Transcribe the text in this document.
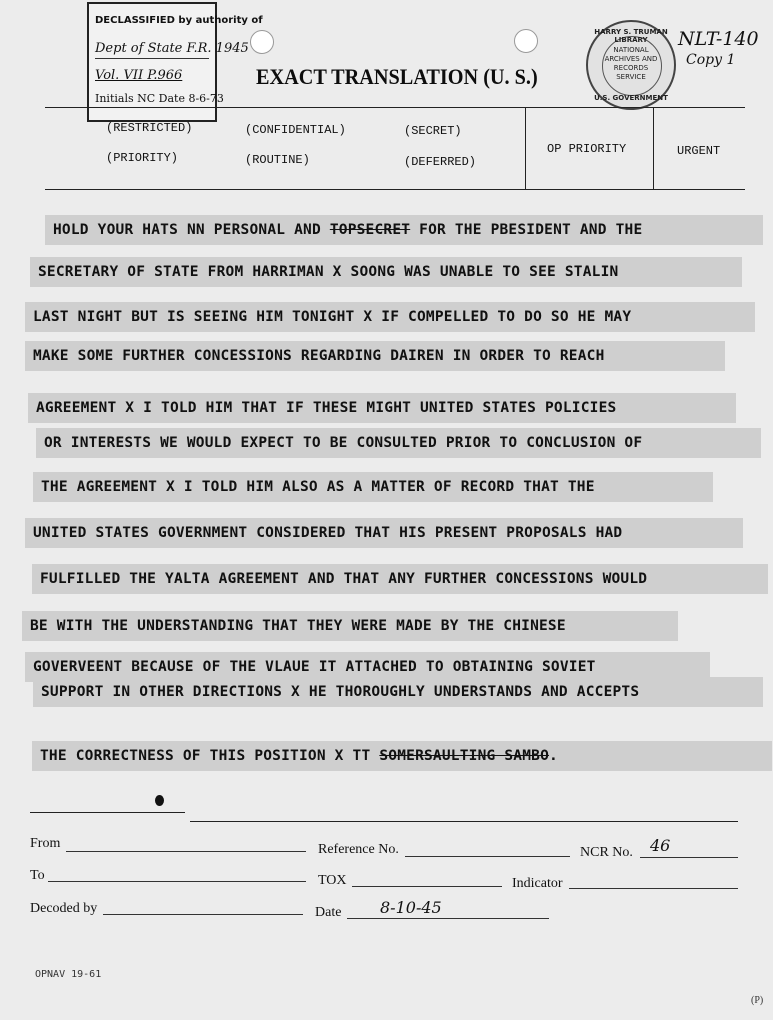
DECLASSIFIED by authority of
Dept of State F.R. 1945
Vol. VII P.966
Initials NC Date 8-6-73
EXACT TRANSLATION (U. S.)
HARRY S. TRUMAN LIBRARY
NATIONAL ARCHIVES AND RECORDS SERVICE
U.S. GOVERNMENT
NLT-140
Copy 1
(RESTRICTED)	(CONFIDENTIAL)	(SECRET)
(PRIORITY)	(ROUTINE)	(DEFERRED)
OP PRIORITY	URGENT
HOLD YOUR HATS NN PERSONAL AND TOPSECRET FOR THE PBESIDENT AND THE
SECRETARY OF STATE FROM HARRIMAN X SOONG WAS UNABLE TO SEE STALIN
LAST NIGHT BUT IS SEEING HIM TONIGHT X IF COMPELLED TO DO SO HE MAY
MAKE SOME FURTHER CONCESSIONS REGARDING DAIREN IN ORDER TO REACH
AGREEMENT X I TOLD HIM THAT IF THESE MIGHT UNITED STATES POLICIES
OR INTERESTS WE WOULD EXPECT TO BE CONSULTED PRIOR TO CONCLUSION OF
THE AGREEMENT X I TOLD HIM ALSO AS A MATTER OF RECORD THAT THE
UNITED STATES GOVERNMENT CONSIDERED THAT HIS PRESENT PROPOSALS HAD
FULFILLED THE YALTA AGREEMENT AND THAT ANY FURTHER CONCESSIONS WOULD
BE WITH THE UNDERSTANDING THAT THEY WERE MADE BY THE CHINESE
GOVERVEENT BECAUSE OF THE VLAUE IT ATTACHED TO OBTAINING SOVIET
SUPPORT IN OTHER DIRECTIONS X HE THOROUGHLY UNDERSTANDS AND ACCEPTS
THE CORRECTNESS OF THIS POSITION X TT SOMERSAULTING SAMBO.
From	Reference No.	NCR No. 46
To	TOX	Indicator
Decoded by	Date 8-10-45
OPNAV 19-61
(P)
